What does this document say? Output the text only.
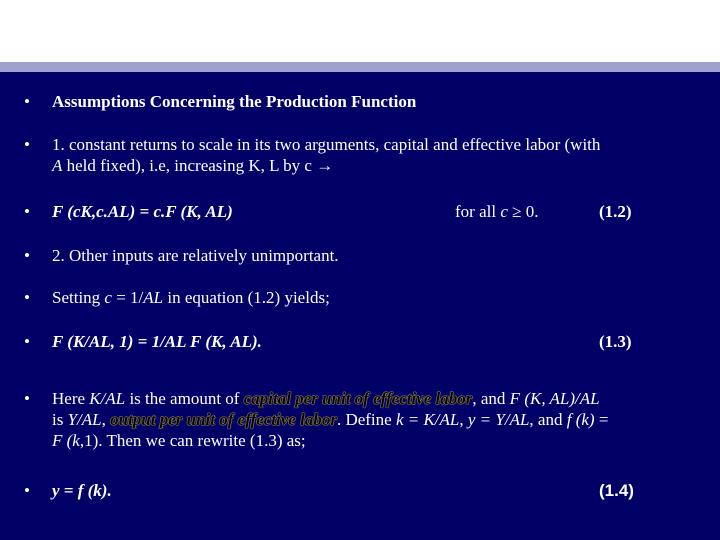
• Assumptions Concerning the Production Function
• 1. constant returns to scale in its two arguments, capital and effective labor (with
A held fixed), i.e, increasing K, L by c →
• F (cK,c.AL) = c.F (K, AL)	for all c ≥ 0.	(1.2)
• 2. Other inputs are relatively unimportant.
• Setting c = 1/AL in equation (1.2) yields;
• F (K/AL, 1) = 1/AL F (K, AL).	(1.3)
• Here K/AL is the amount of capital per unit of effective labor, and F (K, AL)/AL
is Y/AL, output per unit of effective labor. Define k = K/AL, y = Y/AL, and f (k) =
F (k,1). Then we can rewrite (1.3) as;
• y = f (k).	(1.4)
